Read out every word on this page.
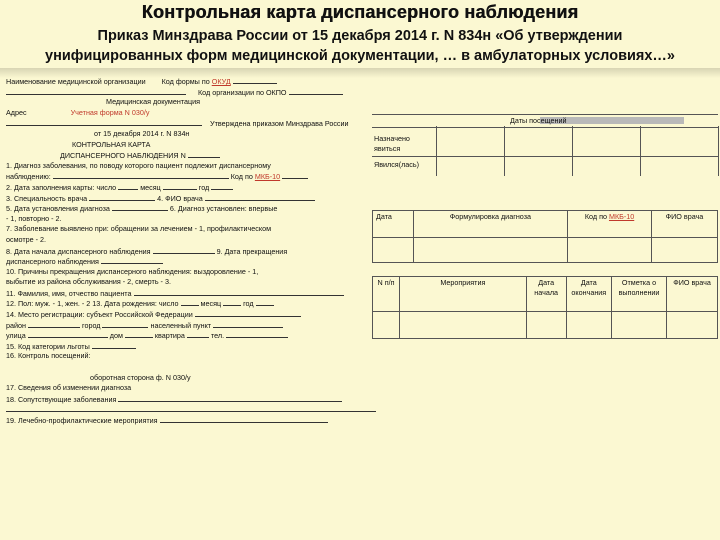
Контрольная карта диспансерного наблюдения
Приказ Минздрава России от 15 декабря 2014 г. N 834н «Об утверждении
унифицированных форм медицинской документации, … в амбулаторных условиях…»
Наименование медицинской организации Код формы по ОКУД
Код организации по ОКПО
Медицинская документация
Адрес	Учетная форма N 030/у
Утверждена приказом Минздрава России
от 15 декабря 2014 г. N 834н
КОНТРОЛЬНАЯ КАРТА
ДИСПАНСЕРНОГО НАБЛЮДЕНИЯ N
1. Диагноз заболевания, по поводу которого пациент подлежит диспансерному
наблюдению:	Код по МКБ-10
2. Дата заполнения карты: число	месяц	год
3. Специальность врача	4. ФИО врача
5. Дата установления диагноза	6. Диагноз установлен: впервые
- 1, повторно - 2.
7. Заболевание выявлено при: обращении за лечением - 1, профилактическом
осмотре - 2.
8. Дата начала диспансерного наблюдения	9. Дата прекращения
диспансерного наблюдения
10. Причины прекращения диспансерного наблюдения: выздоровление - 1,
выбытие из района обслуживания - 2, смерть - 3.
11. Фамилия, имя, отчество пациента
12. Пол: муж. - 1, жен. - 2 13. Дата рождения: число	месяц	год
14. Место регистрации: субъект Российской Федерации
район	город	населенный пункт
улица	дом	квартира	тел.
15. Код категории льготы
16. Контроль посещений:
оборотная сторона ф. N 030/у
17. Сведения об изменении диагноза
18. Сопутствующие заболевания
19. Лечебно-профилактические мероприятия
Даты посещений
Назначено явиться
Явился(лась)
Дата	Формулировка диагноза	Код по МКБ-10	ФИО врача

N п/п	Мероприятия	Дата начала	Дата окончания	Отметка о выполнении	ФИО врача
